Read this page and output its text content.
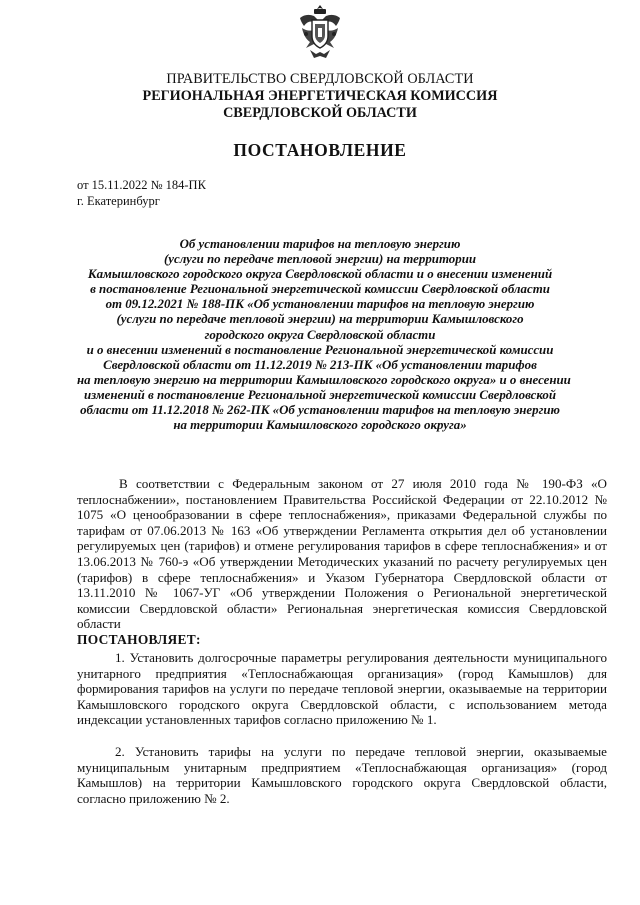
ПРАВИТЕЛЬСТВО СВЕРДЛОВСКОЙ ОБЛАСТИ
РЕГИОНАЛЬНАЯ ЭНЕРГЕТИЧЕСКАЯ КОМИССИЯ
СВЕРДЛОВСКОЙ ОБЛАСТИ
ПОСТАНОВЛЕНИЕ
от 15.11.2022 № 184-ПК
г. Екатеринбург
Об установлении тарифов на тепловую энергию
(услуги по передаче тепловой энергии) на территории
Камышловского городского округа Свердловской области и о внесении изменений
в постановление Региональной энергетической комиссии Свердловской области
от 09.12.2021 № 188-ПК «Об установлении тарифов на тепловую энергию
(услуги по передаче тепловой энергии) на территории Камышловского
городского округа Свердловской области
и о внесении изменений в постановление Региональной энергетической комиссии
Свердловской области от 11.12.2019 № 213-ПК «Об установлении тарифов
на тепловую энергию на территории Камышловского городского округа» и о внесении
изменений в постановление Региональной энергетической комиссии Свердловской
области от 11.12.2018 № 262-ПК «Об установлении тарифов на тепловую энергию
на территории Камышловского городского округа»
В соответствии с Федеральным законом от 27 июля 2010 года № 190-ФЗ «О теплоснабжении», постановлением Правительства Российской Федерации от 22.10.2012 № 1075 «О ценообразовании в сфере теплоснабжения», приказами Федеральной службы по тарифам от 07.06.2013 № 163 «Об утверждении Регламента открытия дел об установлении регулируемых цен (тарифов) и отмене регулирования тарифов в сфере теплоснабжения» и от 13.06.2013 № 760-э «Об утверждении Методических указаний по расчету регулируемых цен (тарифов) в сфере теплоснабжения» и Указом Губернатора Свердловской области от 13.11.2010 № 1067-УГ «Об утверждении Положения о Региональной энергетической комиссии Свердловской области» Региональная энергетическая комиссия Свердловской области
ПОСТАНОВЛЯЕТ:
1. Установить долгосрочные параметры регулирования деятельности муниципального унитарного предприятия «Теплоснабжающая организация» (город Камышлов) для формирования тарифов на услуги по передаче тепловой энергии, оказываемые на территории Камышловского городского округа Свердловской области, с использованием метода индексации установленных тарифов согласно приложению № 1.
2. Установить тарифы на услуги по передаче тепловой энергии, оказываемые муниципальным унитарным предприятием «Теплоснабжающая организация» (город Камышлов) на территории Камышловского городского округа Свердловской области, согласно приложению № 2.
